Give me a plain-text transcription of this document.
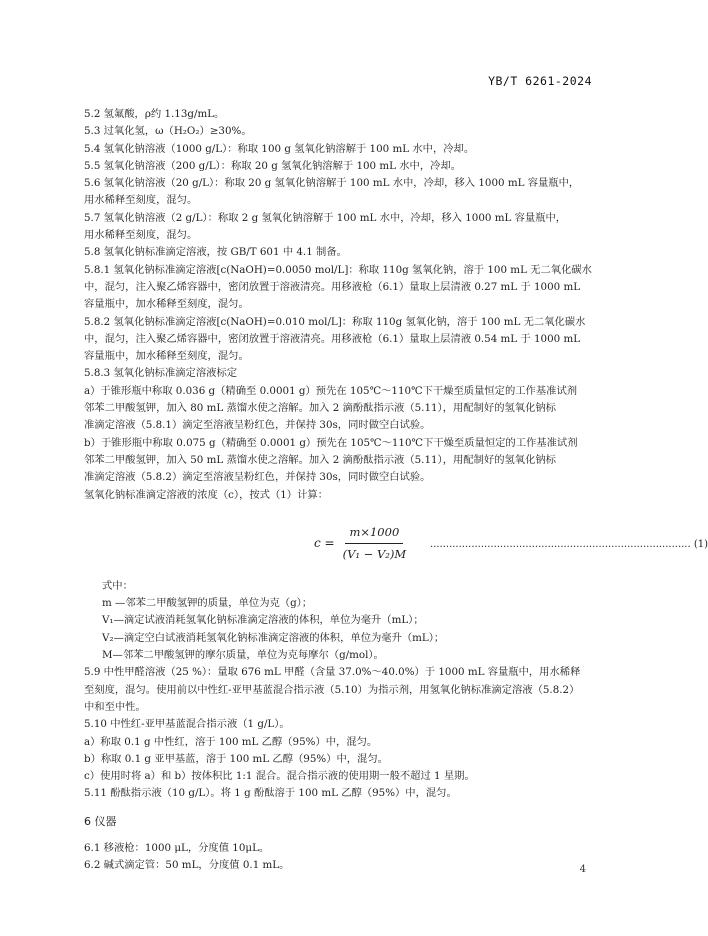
YB/T 6261-2024
5.2 氢氟酸，ρ约 1.13g/mL。
5.3 过氧化氢，ω（H₂O₂）≥30%。
5.4 氢氧化钠溶液（1000 g/L）：称取 100 g 氢氧化钠溶解于 100 mL 水中，冷却。
5.5 氢氧化钠溶液（200 g/L）：称取 20 g 氢氧化钠溶解于 100 mL 水中，冷却。
5.6 氢氧化钠溶液（20 g/L）：称取 20 g 氢氧化钠溶解于 100 mL 水中，冷却，移入 1000 mL 容量瓶中，
用水稀释至刻度，混匀。
5.7 氢氧化钠溶液（2 g/L）：称取 2 g 氢氧化钠溶解于 100 mL 水中，冷却，移入 1000 mL 容量瓶中，
用水稀释至刻度，混匀。
5.8 氢氧化钠标准滴定溶液，按 GB/T 601 中 4.1 制备。
5.8.1 氢氧化钠标准滴定溶液[c(NaOH)=0.0050 mol/L]：称取 110g 氢氧化钠，溶于 100 mL 无二氧化碳水
中，混匀，注入聚乙烯容器中，密闭放置于溶液清亮。用移液枪（6.1）量取上层清液 0.27 mL 于 1000 mL
容量瓶中，加水稀释至刻度，混匀。
5.8.2 氢氧化钠标准滴定溶液[c(NaOH)=0.010 mol/L]：称取 110g 氢氧化钠，溶于 100 mL 无二氧化碳水
中，混匀，注入聚乙烯容器中，密闭放置于溶液清亮。用移液枪（6.1）量取上层清液 0.54 mL 于 1000 mL
容量瓶中，加水稀释至刻度，混匀。
5.8.3 氢氧化钠标准滴定溶液标定
a）于锥形瓶中称取 0.036 g（精确至 0.0001 g）预先在 105℃～110℃下干燥至质量恒定的工作基准试剂
邻苯二甲酸氢钾，加入 80 mL 蒸馏水使之溶解。加入 2 滴酚酞指示液（5.11），用配制好的氢氧化钠标
准滴定溶液（5.8.1）滴定至溶液呈粉红色，并保持 30s，同时做空白试验。
b）于锥形瓶中称取 0.075 g（精确至 0.0001 g）预先在 105℃～110℃下干燥至质量恒定的工作基准试剂
邻苯二甲酸氢钾，加入 50 mL 蒸馏水使之溶解。加入 2 滴酚酞指示液（5.11），用配制好的氢氧化钠标
准滴定溶液（5.8.2）滴定至溶液呈粉红色，并保持 30s，同时做空白试验。
氢氧化钠标准滴定溶液的浓度（c），按式（1）计算：
$c = \frac{m\times 1000}{\text{(V₁ − V₂)M}}$ .................................................................................. (1)
式中：
m —邻苯二甲酸氢钾的质量，单位为克（g）；
V₁—滴定试液消耗氢氧化钠标准滴定溶液的体积，单位为毫升（mL）；
V₂—滴定空白试液消耗氢氧化钠标准滴定溶液的体积，单位为毫升（mL）；
M—邻苯二甲酸氢钾的摩尔质量，单位为克每摩尔（g/mol）。
5.9 中性甲醛溶液（25 %）：量取 676 mL 甲醛（含量 37.0%～40.0%）于 1000 mL 容量瓶中，用水稀释
至刻度，混匀。使用前以中性红-亚甲基蓝混合指示液（5.10）为指示剂，用氢氧化钠标准滴定溶液（5.8.2）
中和至中性。
5.10 中性红-亚甲基蓝混合指示液（1 g/L）。
a）称取 0.1 g 中性红，溶于 100 mL 乙醇（95%）中，混匀。
b）称取 0.1 g 亚甲基蓝，溶于 100 mL 乙醇（95%）中，混匀。
c）使用时将 a）和 b）按体积比 1:1 混合。混合指示液的使用期一般不超过 1 星期。
5.11 酚酞指示液（10 g/L）。将 1 g 酚酞溶于 100 mL 乙醇（95%）中，混匀。
6 仪器
6.1 移液枪：1000 μL，分度值 10μL。
6.2 碱式滴定管：50 mL，分度值 0.1 mL。	4
